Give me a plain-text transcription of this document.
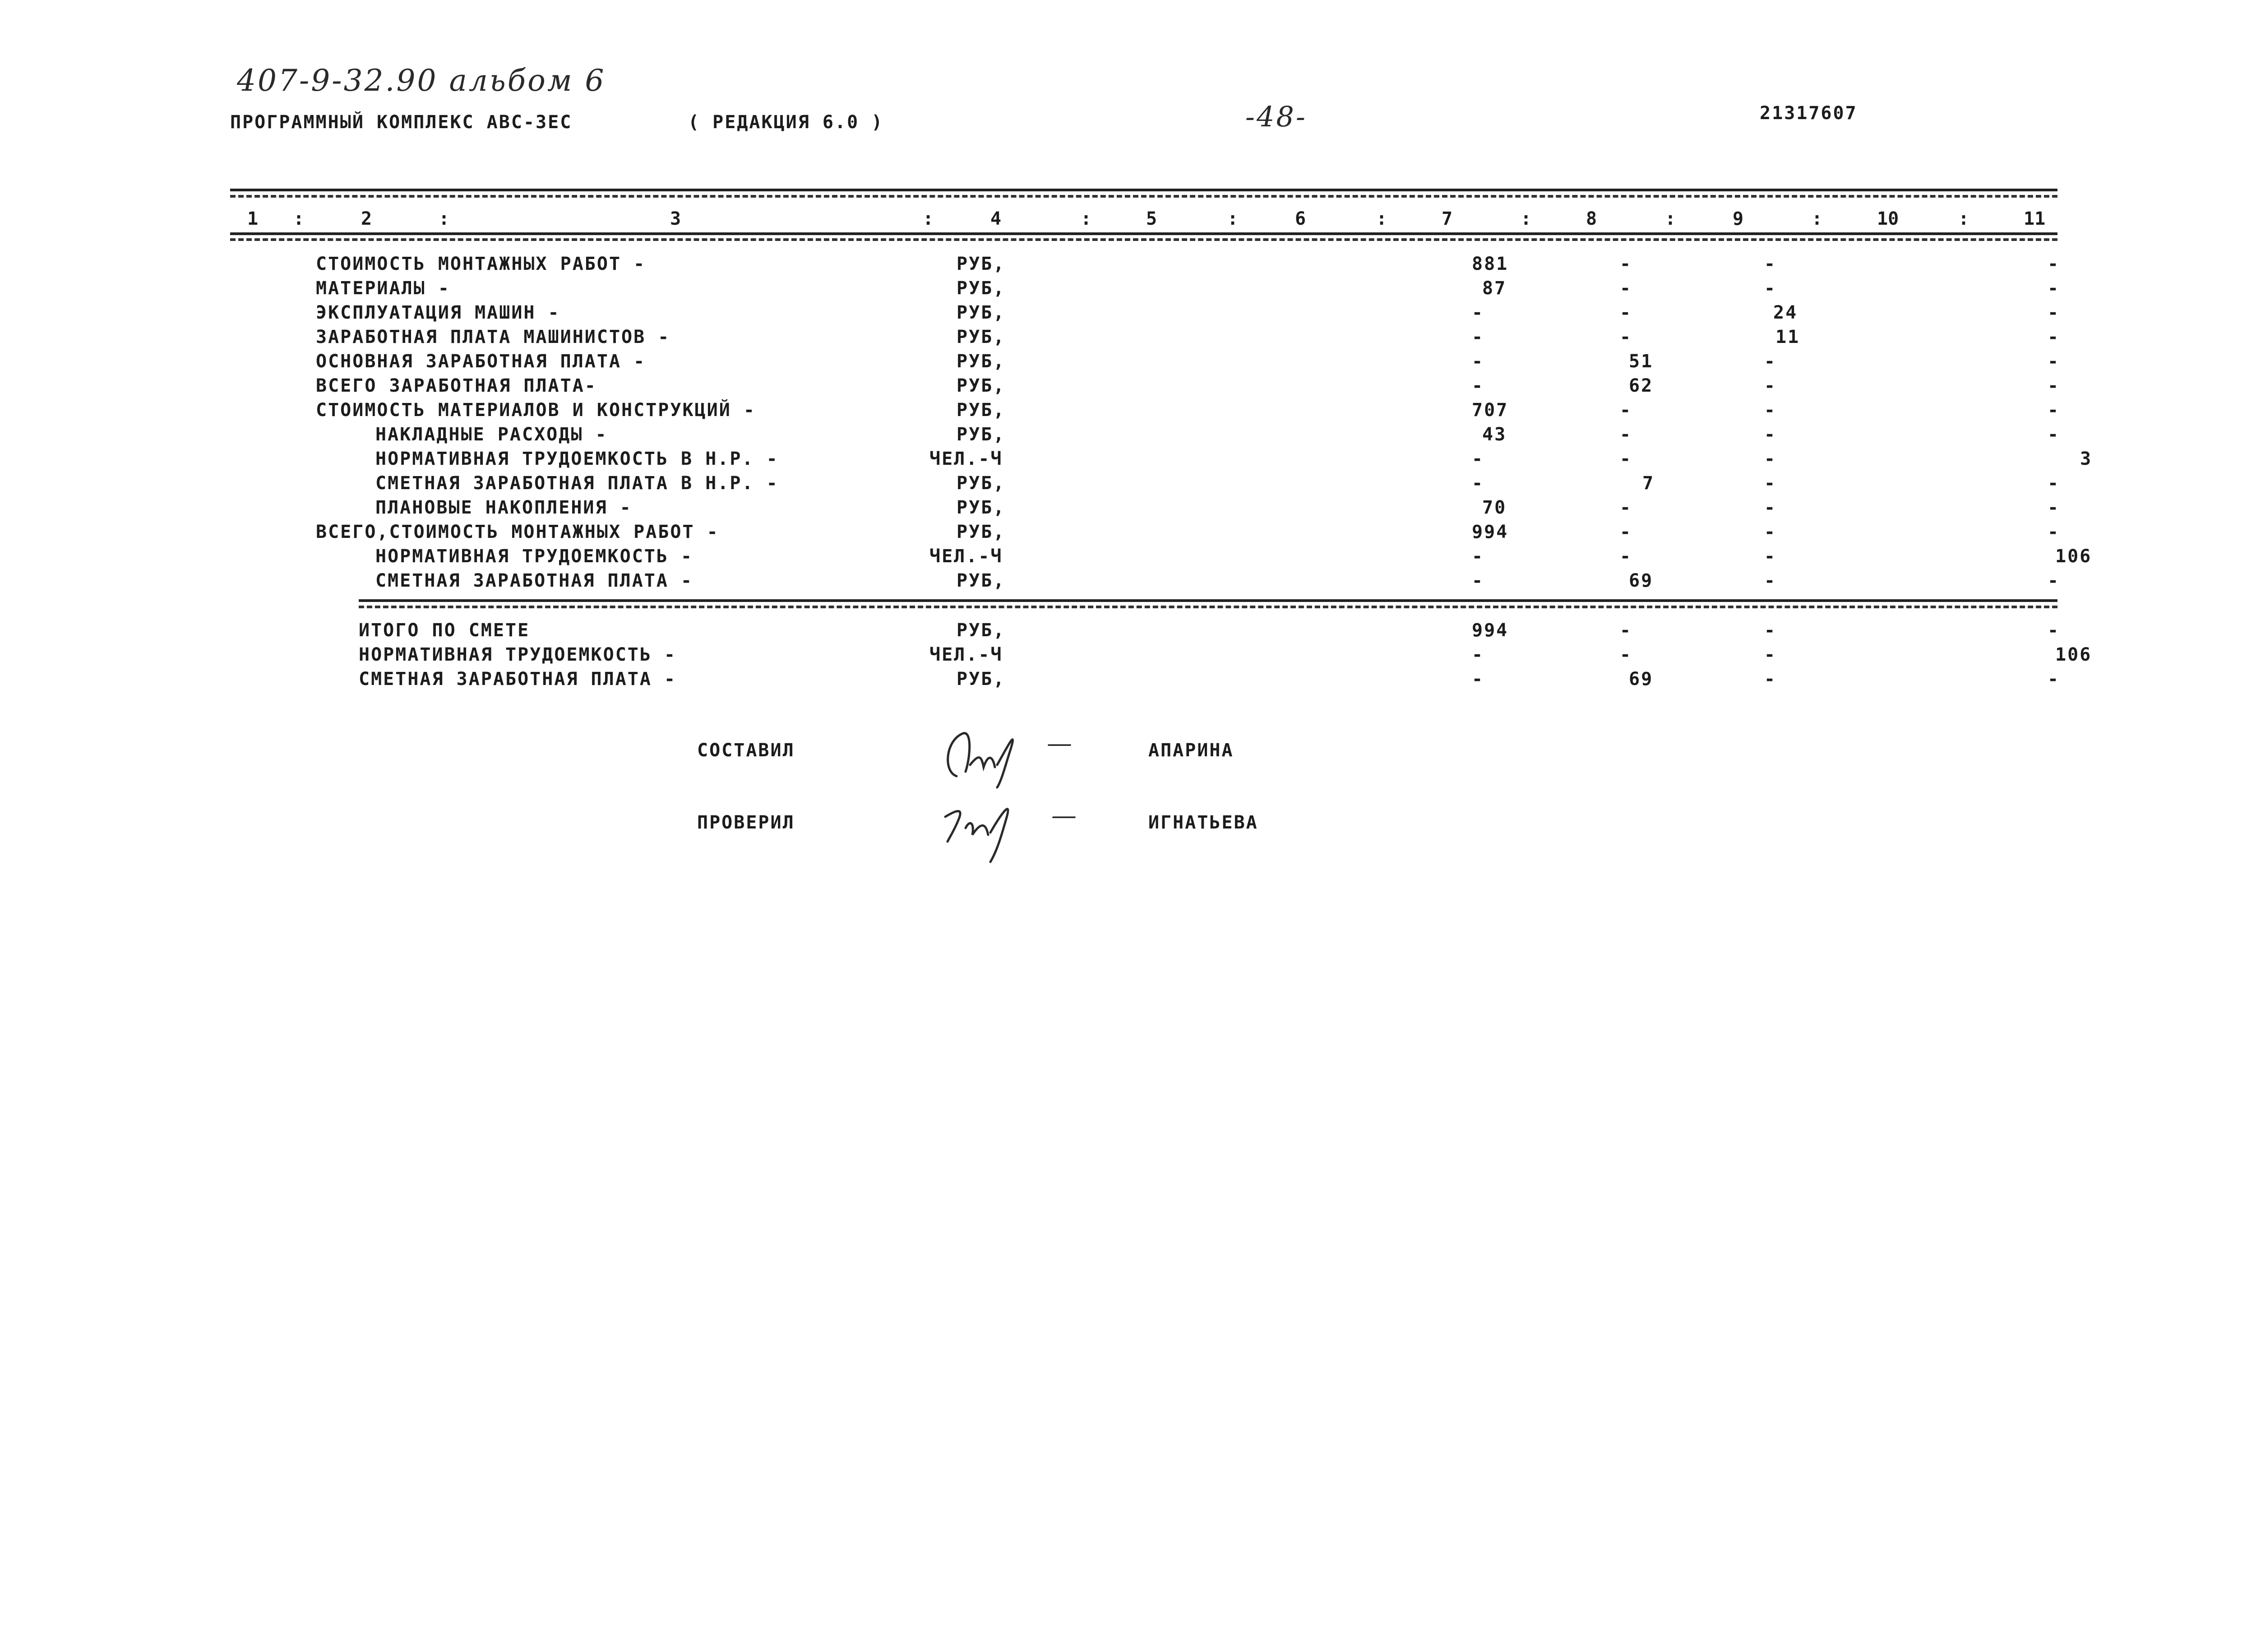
407-9-32.90 альбом 6
ПРОГРАММНЫЙ КОМПЛЕКС АВС-3ЕС	( РЕДАКЦИЯ 6.0 )	-48-	21317607
1 :	2	:	3	:	4	:	5	:	6	:	7	:	8	:	9	:	10	:	11
СТОИМОСТЬ МОНТАЖНЫХ РАБОТ -	РУБ,	881	-	-	-
МАТЕРИАЛЫ -	РУБ,	87	-	-	-
ЭКСПЛУАТАЦИЯ МАШИН -	РУБ,	-	-	24	-
ЗАРАБОТНАЯ ПЛАТА МАШИНИСТОВ -	РУБ,	-	-	11	-
ОСНОВНАЯ ЗАРАБОТНАЯ ПЛАТА -	РУБ,	-	51	-	-
ВСЕГО ЗАРАБОТНАЯ ПЛАТА-	РУБ,	-	62	-	-
СТОИМОСТЬ МАТЕРИАЛОВ И КОНСТРУКЦИЙ -	РУБ,	707	-	-	-
НАКЛАДНЫЕ РАСХОДЫ -	РУБ,	43	-	-	-
НОРМАТИВНАЯ ТРУДОЕМКОСТЬ В Н.Р. -	ЧЕЛ.-Ч	-	-	-	3
СМЕТНАЯ ЗАРАБОТНАЯ ПЛАТА В Н.Р. -	РУБ,	-	7	-	-
ПЛАНОВЫЕ НАКОПЛЕНИЯ -	РУБ,	70	-	-	-
ВСЕГО,СТОИМОСТЬ МОНТАЖНЫХ РАБОТ -	РУБ,	994	-	-	-
НОРМАТИВНАЯ ТРУДОЕМКОСТЬ -	ЧЕЛ.-Ч	-	-	-	106
СМЕТНАЯ ЗАРАБОТНАЯ ПЛАТА -	РУБ,	-	69	-	-
ИТОГО ПО СМЕТЕ	РУБ,	994	-	-	-
НОРМАТИВНАЯ ТРУДОЕМКОСТЬ -	ЧЕЛ.-Ч	-	-	-	106
СМЕТНАЯ ЗАРАБОТНАЯ ПЛАТА -	РУБ,	-	69	-	-
СОСТАВИЛ	—	АПАРИНА
ПРОВЕРИЛ	—	ИГНАТЬЕВА
